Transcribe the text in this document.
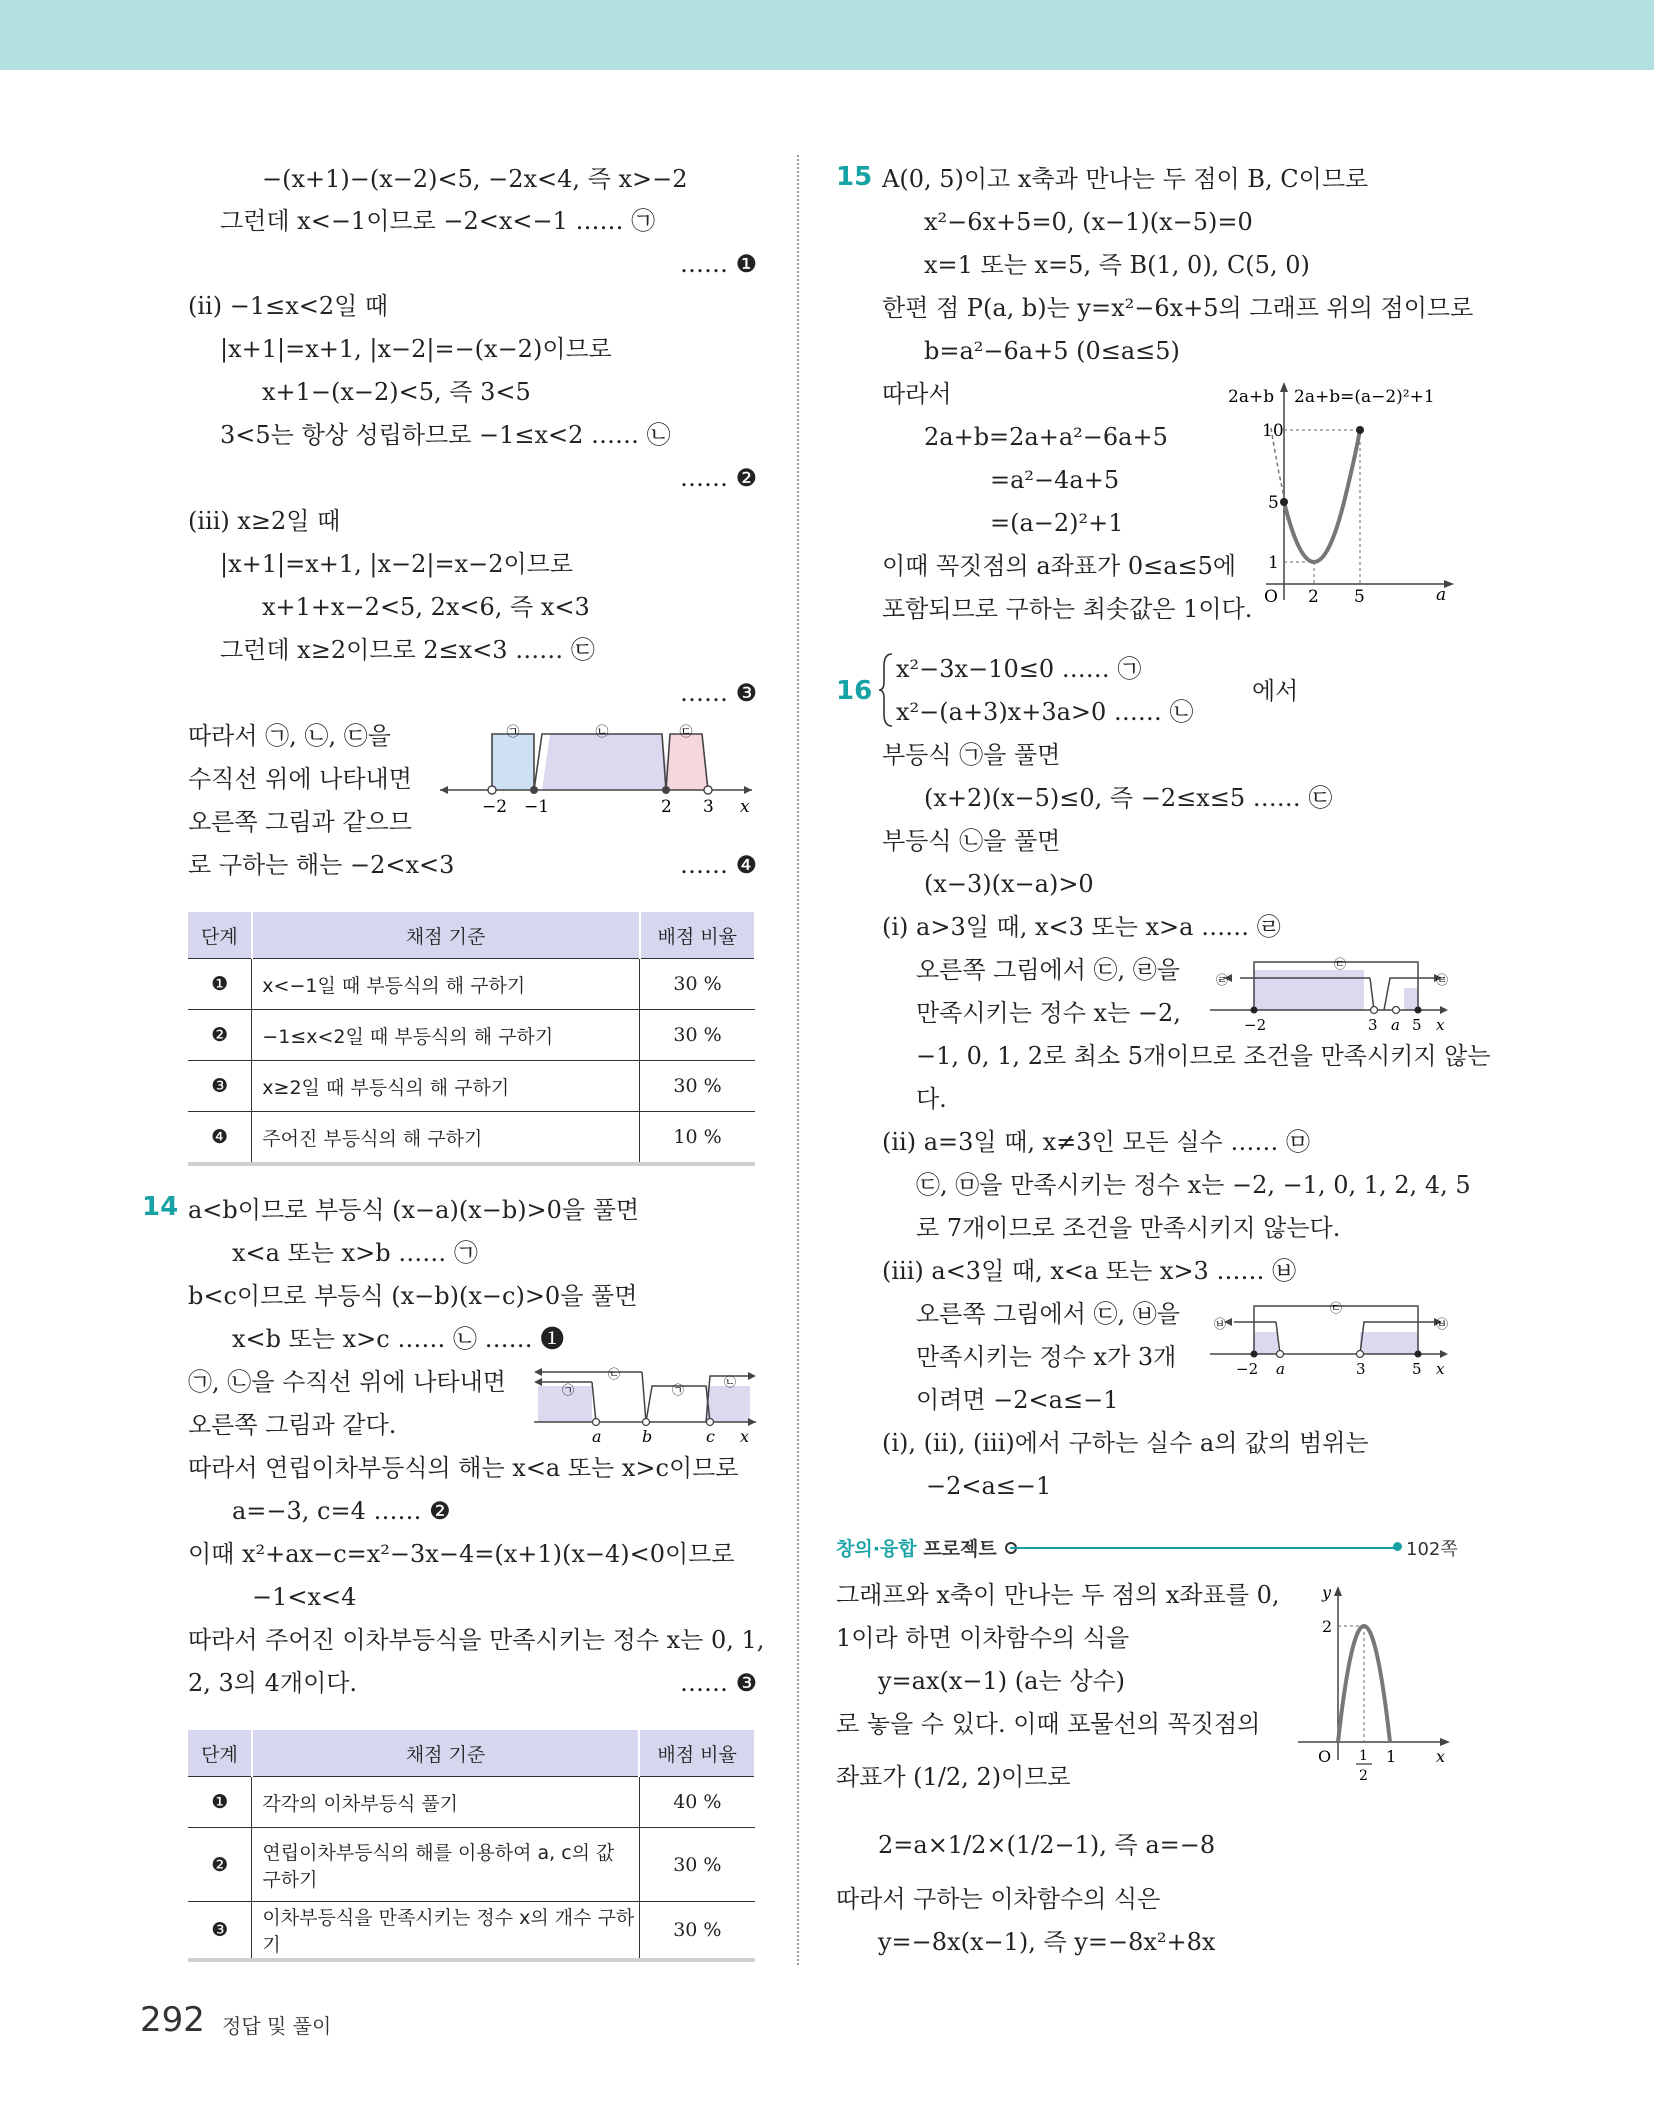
−(x+1)−(x−2)<5, −2x<4, 즉 x>−2
그런데 x<−1이므로 −2<x<−1 …… ㉠
…… ❶
(ⅱ) −1≤x<2일 때
|x+1|=x+1, |x−2|=−(x−2)이므로
x+1−(x−2)<5, 즉 3<5
3<5는 항상 성립하므로 −1≤x<2 …… ㉡
…… ❷
(ⅲ) x≥2일 때
|x+1|=x+1, |x−2|=x−2이므로
x+1+x−2<5, 2x<6, 즉 x<3
그런데 x≥2이므로 2≤x<3 …… ㉢
…… ❸
따라서 ㉠, ㉡, ㉢을
수직선 위에 나타내면
오른쪽 그림과 같으므
로 구하는 해는 −2<x<3	…… ❹
㉠	㉡	㉢
−2 −1	2 3 x
단계	채점 기준	배점 비율
❶	x<−1일 때 부등식의 해 구하기	30 %
❷	−1≤x<2일 때 부등식의 해 구하기	30 %
❸	x≥2일 때 부등식의 해 구하기	30 %
❹	주어진 부등식의 해 구하기	10 %
14 a<b이므로 부등식 (x−a)(x−b)>0을 풀면
x<a 또는 x>b …… ㉠
b<c이므로 부등식 (x−b)(x−c)>0을 풀면
x<b 또는 x>c …… ㉡ …… ❶
㉠, ㉡을 수직선 위에 나타내면
오른쪽 그림과 같다.
따라서 연립이차부등식의 해는 x<a 또는 x>c이므로
a=−3, c=4 …… ❷
이때 x²+ax−c=x²−3x−4=(x+1)(x−4)<0이므로
−1<x<4
따라서 주어진 이차부등식을 만족시키는 정수 x는 0, 1,
2, 3의 4개이다.	…… ❸
㉠
㉡
㉠
㉡
a	b	c x
단계	채점 기준	배점 비율
❶	각각의 이차부등식 풀기	40 %
❷	연립이차부등식의 해를 이용하여 a, c의 값 구하기	30 %
❸	이차부등식을 만족시키는 정수 x의 개수 구하기	30 %
15 A(0, 5)이고 x축과 만나는 두 점이 B, C이므로
x²−6x+5=0, (x−1)(x−5)=0
x=1 또는 x=5, 즉 B(1, 0), C(5, 0)
한편 점 P(a, b)는 y=x²−6x+5의 그래프 위의 점이므로
b=a²−6a+5 (0≤a≤5)
따라서
2a+b=2a+a²−6a+5
=a²−4a+5
=(a−2)²+1
이때 꼭짓점의 a좌표가 0≤a≤5에
포함되므로 구하는 최솟값은 1이다.
2a+b 2a+b=(a−2)²+1
10
5
1
O 2 5	a
16
x²−3x−10≤0 …… ㉠
x²−(a+3)x+3a>0 …… ㉡
에서
부등식 ㉠을 풀면
(x+2)(x−5)≤0, 즉 −2≤x≤5 …… ㉢
부등식 ㉡을 풀면
(x−3)(x−a)>0
(ⅰ) a>3일 때, x<3 또는 x>a …… ㉣
오른쪽 그림에서 ㉢, ㉣을
만족시키는 정수 x는 −2,
−1, 0, 1, 2로 최소 5개이므로 조건을 만족시키지 않는
다.
(ⅱ) a=3일 때, x≠3인 모든 실수 …… ㉤
㉢, ㉤을 만족시키는 정수 x는 −2, −1, 0, 1, 2, 4, 5
로 7개이므로 조건을 만족시키지 않는다.
(ⅲ) a<3일 때, x<a 또는 x>3 …… ㉥
오른쪽 그림에서 ㉢, ㉥을
만족시키는 정수 x가 3개
이려면 −2<a≤−1
(ⅰ), (ⅱ), (ⅲ)에서 구하는 실수 a의 값의 범위는
−2<a≤−1
㉣
㉢
㉣
−2	3 a 5 x
㉥
㉢
㉥
−2 a	3	5 x
창의·융합 프로젝트	102쪽
그래프와 x축이 만나는 두 점의 x좌표를 0,
1이라 하면 이차함수의 식을
y=ax(x−1) (a는 상수)
로 놓을 수 있다. 이때 포물선의 꼭짓점의
좌표가 (1/2, 2)이므로
2=a×1/2×(1/2−1), 즉 a=−8
따라서 구하는 이차함수의 식은
y=−8x(x−1), 즉 y=−8x²+8x
y
2
O 1
2
1 x
292 정답 및 풀이
